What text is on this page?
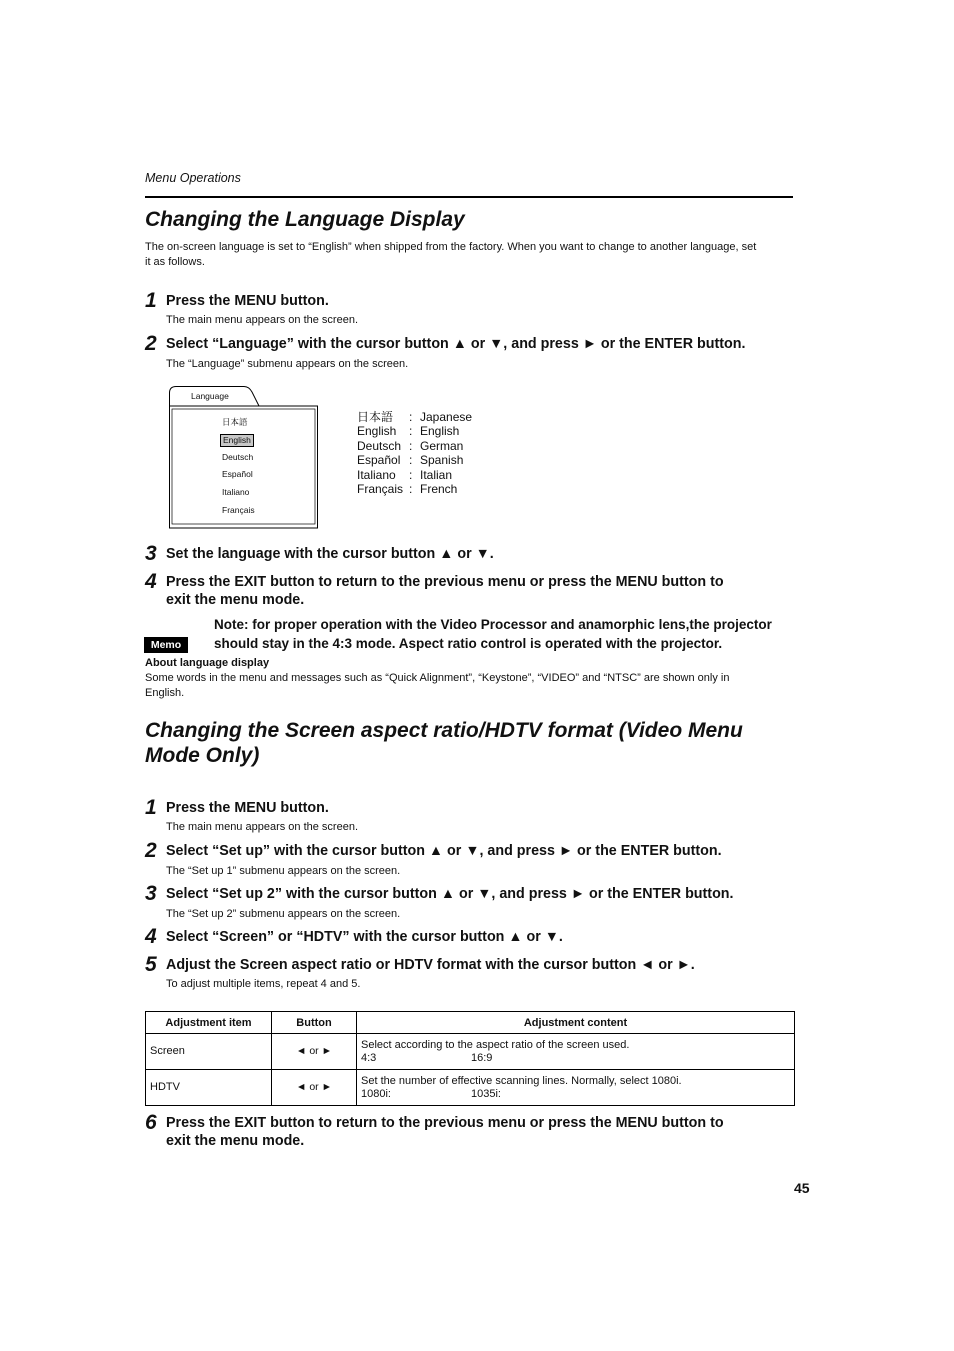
Menu Operations
Changing the Language Display
The on-screen language is set to “English” when shipped from the factory. When you want to change to another language, set
it as follows.
1 Press the MENU button.
The main menu appears on the screen.
2 Select “Language” with the cursor button ▲ or ▼, and press ► or the ENTER button.
The “Language” submenu appears on the screen.
Language
日本語
English
Deutsch
Español
Italiano
Français
日本語	: Japanese
English	: English
Deutsch : German
Español : Spanish
Italiano	: Italian
Français : French
3 Set the language with the cursor button ▲ or ▼.
4 Press the EXIT button to return to the previous menu or press the MENU button to
exit the menu mode.
Note: for proper operation with the Video Processor and anamorphic lens,the projector
should stay in the 4:3 mode. Aspect ratio control is operated with the projector.
Memo
About language display
Some words in the menu and messages such as “Quick Alignment”, “Keystone”, “VIDEO” and “NTSC” are shown only in
English.
Changing the Screen aspect ratio/HDTV format (Video Menu
Mode Only)
1 Press the MENU button.
The main menu appears on the screen.
2 Select “Set up” with the cursor button ▲ or ▼, and press ► or the ENTER button.
The “Set up 1” submenu appears on the screen.
3 Select “Set up 2” with the cursor button ▲ or ▼, and press ► or the ENTER button.
The “Set up 2” submenu appears on the screen.
4 Select “Screen” or “HDTV” with the cursor button ▲ or ▼.
5 Adjust the Screen aspect ratio or HDTV format with the cursor button ◄ or ►.
To adjust multiple items, repeat 4 and 5.
Adjustment item	Button	Adjustment content
Screen	◄ or ►	Select according to the aspect ratio of the screen used.
4:3 16:9

HDTV	◄ or ►	Set the number of effective scanning lines. Normally, select 1080i.
1080i: 1035i:
6 Press the EXIT button to return to the previous menu or press the MENU button to
exit the menu mode.
45
